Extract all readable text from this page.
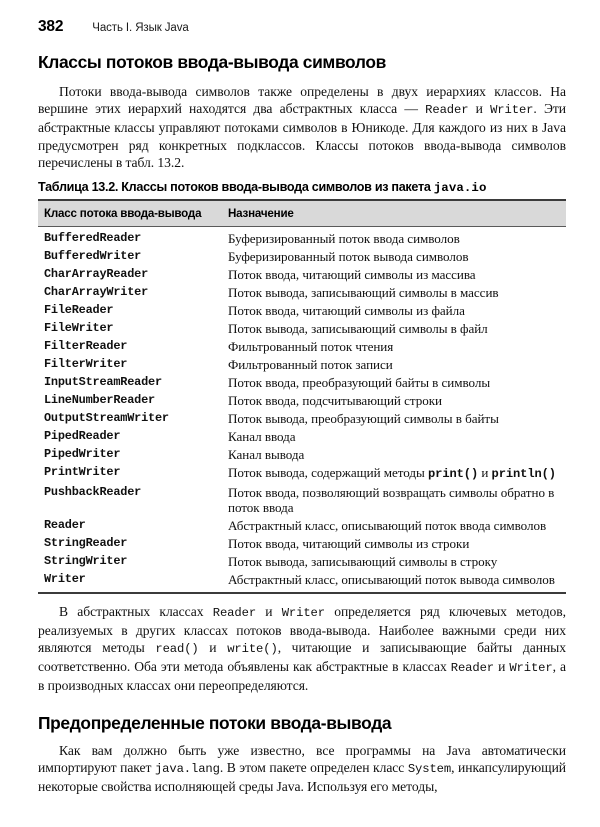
382	Часть I. Язык Java
Классы потоков ввода-вывода символов

Потоки ввода-вывода символов также определены в двух иерархиях классов. На вершине этих иерархий находятся два абстрактных класса — Reader и Writer. Эти абстрактные классы управляют потоками символов в Юникоде. Для каждого из них в Java предусмотрен ряд конкретных подклассов. Классы потоков ввода-вывода символов перечислены в табл. 13.2.

Таблица 13.2. Классы потоков ввода-вывода символов из пакета java.io
Класс потока ввода-вывода	Назначение
BufferedReader	Буферизированный поток ввода символов
BufferedWriter	Буферизированный поток вывода символов
CharArrayReader	Поток ввода, читающий символы из массива
CharArrayWriter	Поток вывода, записывающий символы в массив
FileReader	Поток ввода, читающий символы из файла
FileWriter	Поток вывода, записывающий символы в файл
FilterReader	Фильтрованный поток чтения
FilterWriter	Фильтрованный поток записи
InputStreamReader	Поток ввода, преобразующий байты в символы
LineNumberReader	Поток ввода, подсчитывающий строки
OutputStreamWriter	Поток вывода, преобразующий символы в байты
PipedReader	Канал ввода
PipedWriter	Канал вывода
PrintWriter	Поток вывода, содержащий методы print() и println()
PushbackReader	Поток ввода, позволяющий возвращать символы обратно в поток ввода
Reader	Абстрактный класс, описывающий поток ввода символов
StringReader	Поток ввода, читающий символы из строки
StringWriter	Поток вывода, записывающий символы в строку
Writer	Абстрактный класс, описывающий поток вывода символов

В абстрактных классах Reader и Writer определяется ряд ключевых методов, реализуемых в других классах потоков ввода-вывода. Наиболее важными среди них являются методы read() и write(), читающие и записывающие байты данных соответственно. Оба эти метода объявлены как абстрактные в классах Reader и Writer, а в производных классах они переопределяются.

Предопределенные потоки ввода-вывода

Как вам должно быть уже известно, все программы на Java автоматически импортируют пакет java.lang. В этом пакете определен класс System, инкапсулирующий некоторые свойства исполняющей среды Java. Используя его методы,
